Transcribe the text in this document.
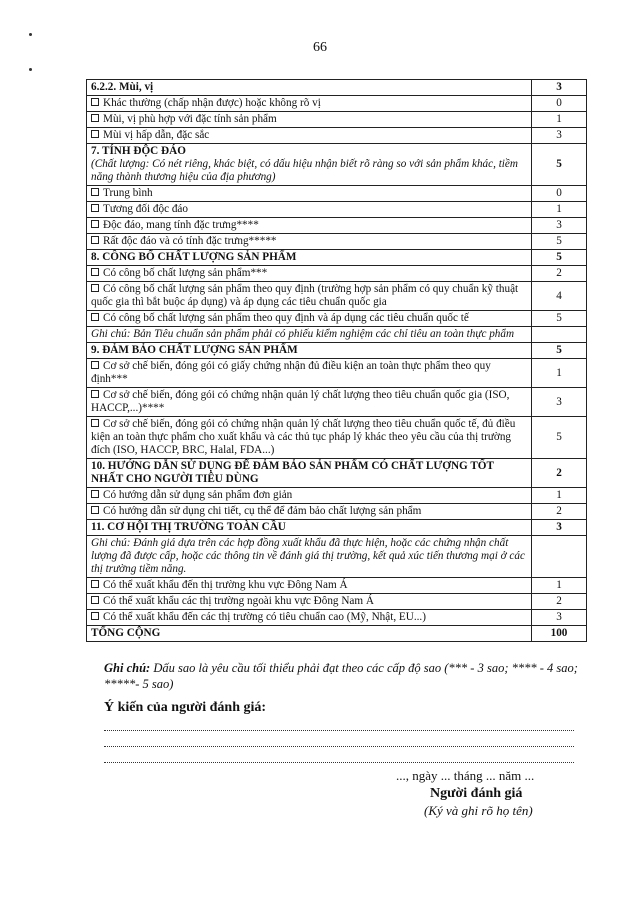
66
6.2.2. Mùi, vị	3
Khác thường (chấp nhận được) hoặc không rõ vị	0
Mùi, vị phù hợp với đặc tính sản phẩm	1
Mùi vị hấp dẫn, đặc sắc	3
7. TÍNH ĐỘC ĐÁO
(Chất lượng: Có nét riêng, khác biệt, có dấu hiệu nhận biết rõ ràng so với sản phẩm khác, tiềm năng thành thương hiệu của địa phương)	5
Trung bình	0
Tương đối độc đáo	1
Độc đáo, mang tính đặc trưng****	3
Rất độc đáo và có tính đặc trưng*****	5
8. CÔNG BỐ CHẤT LƯỢNG SẢN PHẨM	5
Có công bố chất lượng sản phẩm***	2
Có công bố chất lượng sản phẩm theo quy định (trường hợp sản phẩm có quy chuẩn kỹ thuật quốc gia thì bắt buộc áp dụng) và áp dụng các tiêu chuẩn quốc gia	4
Có công bố chất lượng sản phẩm theo quy định và áp dụng các tiêu chuẩn quốc tế	5
Ghi chú: Bản Tiêu chuẩn sản phẩm phải có phiếu kiểm nghiệm các chỉ tiêu an toàn thực phẩm	
9. ĐẢM BẢO CHẤT LƯỢNG SẢN PHẨM	5
Cơ sở chế biến, đóng gói có giấy chứng nhận đủ điều kiện an toàn thực phẩm theo quy định***	1
Cơ sở chế biến, đóng gói có chứng nhận quản lý chất lượng theo tiêu chuẩn quốc gia (ISO, HACCP,...)****	3
Cơ sở chế biến, đóng gói có chứng nhận quản lý chất lượng theo tiêu chuẩn quốc tế, đủ điều kiện an toàn thực phẩm cho xuất khẩu và các thủ tục pháp lý khác theo yêu cầu của thị trường đích (ISO, HACCP, BRC, Halal, FDA...)	5
10. HƯỚNG DẪN SỬ DỤNG ĐỂ ĐẢM BẢO SẢN PHẨM CÓ CHẤT LƯỢNG TỐT NHẤT CHO NGƯỜI TIÊU DÙNG	2
Có hướng dẫn sử dụng sản phẩm đơn giản	1
Có hướng dẫn sử dụng chi tiết, cụ thể để đảm bảo chất lượng sản phẩm	2
11. CƠ HỘI THỊ TRƯỜNG TOÀN CẦU	3
Ghi chú: Đánh giá dựa trên các hợp đồng xuất khẩu đã thực hiện, hoặc các chứng nhận chất lượng đã được cấp, hoặc các thông tin về đánh giá thị trường, kết quả xúc tiến thương mại ở các thị trường tiềm năng.	
Có thể xuất khẩu đến thị trường khu vực Đông Nam Á	1
Có thể xuất khẩu các thị trường ngoài khu vực Đông Nam Á	2
Có thể xuất khẩu đến các thị trường có tiêu chuẩn cao (Mỹ, Nhật, EU...)	3
TỔNG CỘNG	100
Ghi chú: Dấu sao là yêu cầu tối thiểu phải đạt theo các cấp độ sao (*** - 3 sao; **** - 4 sao; *****- 5 sao)
Ý kiến của người đánh giá:
..., ngày ... tháng ... năm ...
Người đánh giá
(Ký và ghi rõ họ tên)
